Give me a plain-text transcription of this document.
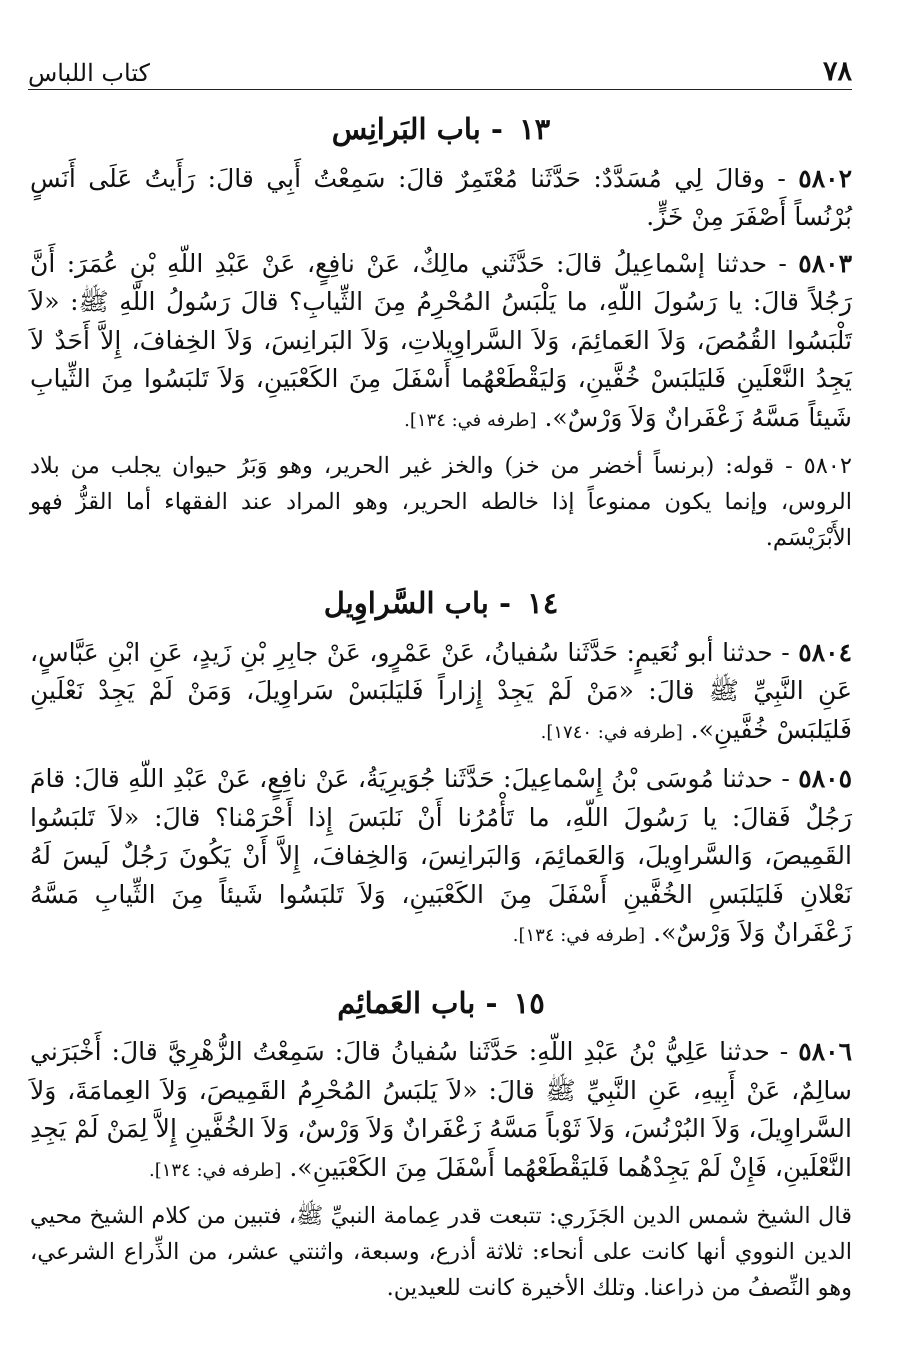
٧٨
كتاب اللباس
١٣ - باب البَرانِس

٥٨٠٢ - وقالَ لِي مُسَدَّدٌ: حَدَّثَنا مُعْتَمِرٌ قالَ: سَمِعْتُ أَبِي قالَ: رَأَيتُ عَلَى أَنَسٍ بُرْنُساً أَصْفَرَ مِنْ خَزٍّ.

٥٨٠٣ - حدثنا إسْماعِيلُ قالَ: حَدَّثَني مالِكٌ، عَنْ نافِعٍ، عَنْ عَبْدِ اللّهِ بْنِ عُمَرَ: أَنَّ رَجُلاً قالَ: يا رَسُولَ اللّهِ، ما يَلْبَسُ المُحْرِمُ مِنَ الثِّيابِ؟ قالَ رَسُولُ اللّهِ ﷺ: «لاَ تَلْبَسُوا القُمُصَ، وَلاَ العَمائِمَ، وَلاَ السَّراوِيلاتِ، وَلاَ البَرانِسَ، وَلاَ الخِفافَ، إِلاَّ أَحَدٌ لاَ يَجِدُ النَّعْلَينِ فَليَلبَسْ خُفَّينِ، وَليَقْطَعْهُما أَسْفَلَ مِنَ الكَعْبَينِ، وَلاَ تَلبَسُوا مِنَ الثِّيابِ شَيئاً مَسَّهُ زَعْفَرانٌ وَلاَ وَرْسٌ». [طرفه في: ١٣٤].

٥٨٠٢ - قوله: (برنساً أخضر من خز) والخز غير الحرير، وهو وَبَرُ حيوان يجلب من بلاد الروس، وإنما يكون ممنوعاً إذا خالطه الحرير، وهو المراد عند الفقهاء أما القزُّ فهو الأَبْرَيْسَم.

١٤ - باب السَّراوِيل

٥٨٠٤ - حدثنا أبو نُعَيمٍ: حَدَّثَنا سُفيانُ، عَنْ عَمْرٍو، عَنْ جابِرِ بْنِ زَيدٍ، عَنِ ابْنِ عَبَّاسٍ، عَنِ النَّبِيِّ ﷺ قالَ: «مَنْ لَمْ يَجِدْ إِزاراً فَليَلبَسْ سَراوِيلَ، وَمَنْ لَمْ يَجِدْ نَعْلَينِ فَليَلبَسْ خُفَّينِ». [طرفه في: ١٧٤٠].

٥٨٠٥ - حدثنا مُوسَى بْنُ إِسْماعِيلَ: حَدَّثَنا جُوَيرِيَةُ، عَنْ نافِعٍ، عَنْ عَبْدِ اللّهِ قالَ: قامَ رَجُلٌ فَقالَ: يا رَسُولَ اللّهِ، ما تَأْمُرُنا أَنْ نَلبَسَ إِذا أَحْرَمْنا؟ قالَ: «لاَ تَلبَسُوا القَمِيصَ، وَالسَّراوِيلَ، وَالعَمائِمَ، وَالبَرانِسَ، وَالخِفافَ، إِلاَّ أَنْ يَكُونَ رَجُلٌ لَيسَ لَهُ نَعْلانِ فَليَلبَسِ الخُفَّينِ أَسْفَلَ مِنَ الكَعْبَينِ، وَلاَ تَلبَسُوا شَيئاً مِنَ الثِّيابِ مَسَّهُ زَعْفَرانٌ وَلاَ وَرْسٌ». [طرفه في: ١٣٤].

١٥ - باب العَمائِم

٥٨٠٦ - حدثنا عَلِيُّ بْنُ عَبْدِ اللّهِ: حَدَّثَنا سُفيانُ قالَ: سَمِعْتُ الزُّهْرِيَّ قالَ: أَخْبَرَني سالِمٌ، عَنْ أَبِيهِ، عَنِ النَّبِيِّ ﷺ قالَ: «لاَ يَلبَسُ المُحْرِمُ القَمِيصَ، وَلاَ العِمامَةَ، وَلاَ السَّراوِيلَ، وَلاَ البُرْنُسَ، وَلاَ ثَوْباً مَسَّهُ زَعْفَرانٌ وَلاَ وَرْسٌ، وَلاَ الخُفَّينِ إِلاَّ لِمَنْ لَمْ يَجِدِ النَّعْلَينِ، فَإِنْ لَمْ يَجِدْهُما فَليَقْطَعْهُما أَسْفَلَ مِنَ الكَعْبَينِ». [طرفه في: ١٣٤].

قال الشيخ شمس الدين الجَزَري: تتبعت قدر عِمامة النبيِّ ﷺ، فتبين من كلام الشيخ محيي الدين النووي أنها كانت على أنحاء: ثلاثة أذرع، وسبعة، واثنتي عشر، من الذِّراع الشرعي، وهو النِّصفُ من ذراعنا. وتلك الأخيرة كانت للعيدين.
